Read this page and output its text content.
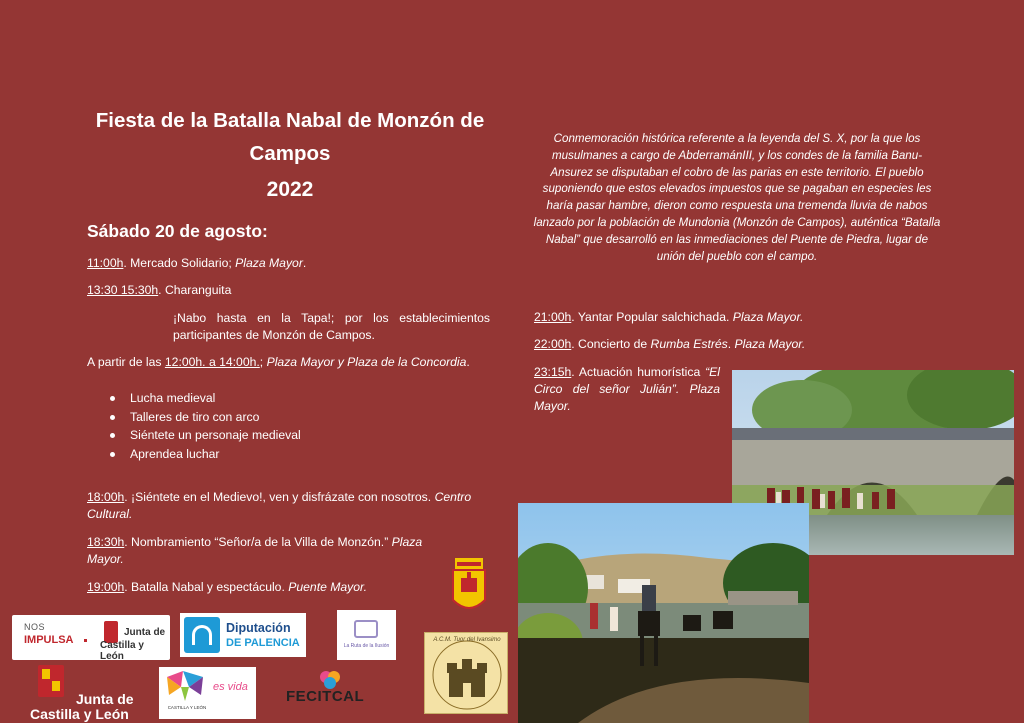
Fiesta de la Batalla Nabal de Monzón de Campos
2022
Sábado 20 de agosto:
11:00h. Mercado Solidario; Plaza Mayor.
13:30 15:30h. Charanguita
¡Nabo hasta en la Tapa!; por los establecimientos participantes de Monzón de Campos.
A partir de las 12:00h. a 14:00h.; Plaza Mayor y Plaza de la Concordia.
Lucha medieval
Talleres de tiro con arco
Siéntete un personaje medieval
Aprendea luchar
18:00h. ¡Siéntete en el Medievo!, ven y disfrázate con nosotros. Centro Cultural.
18:30h. Nombramiento “Señor/a de la Villa de Monzón.” Plaza Mayor.
19:00h. Batalla Nabal y espectáculo. Puente Mayor.
Conmemoración histórica referente a la leyenda del S. X, por la que los musulmanes a cargo de AbderramánIII, y los condes de la familia Banu-Ansurez se disputaban el cobro de las parias en este territorio. El pueblo suponiendo que estos elevados impuestos que se pagaban en especies les haría pasar hambre, dieron como respuesta una tremenda lluvia de nabos lanzado por la población de Mundonia (Monzón de Campos), auténtica “Batalla Nabal” que desarrolló en las inmediaciones del Puente de Piedra, lugar de unión del pueblo con el campo.
21:00h. Yantar Popular salchichada. Plaza Mayor.
22:00h. Concierto de Rumba Estrés. Plaza Mayor.
23:15h. Actuación humorística “El Circo del señor Julián”. Plaza Mayor.
NOS
IMPULSA
Junta de
Castilla y León
Diputación
DE PALENCIA	La Ruta de la Ilusión
A.C.M. Tuor del Ivansimo
Junta de
Castilla y León
es vida
CASTILLA Y LEÓN
FECITCAL
